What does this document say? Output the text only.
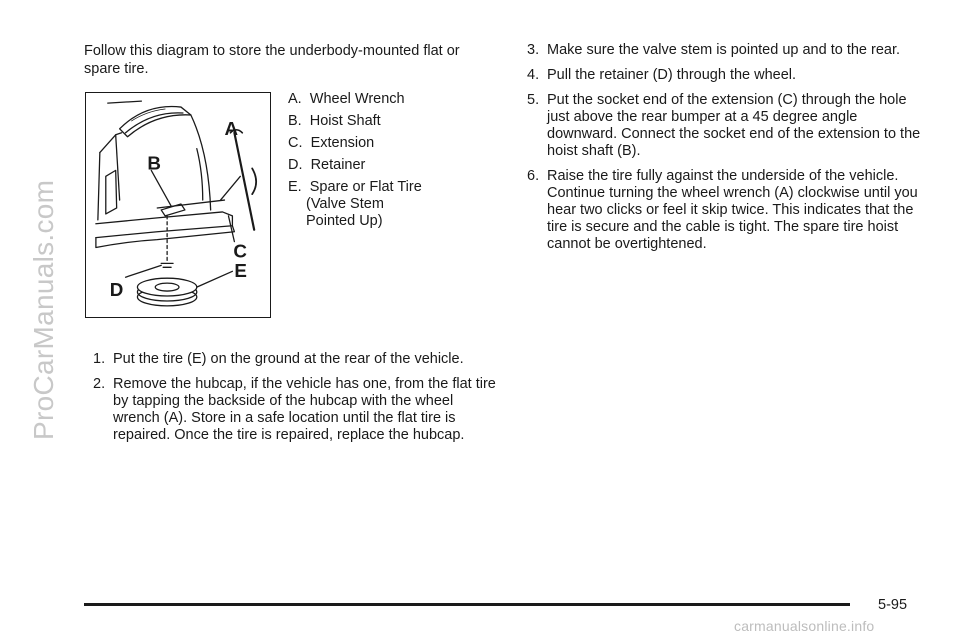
ProCarManuals.com

Follow this diagram to store the underbody-mounted flat or spare tire.

A
B
C
D
E
A. Wheel Wrench
B. Hoist Shaft
C. Extension
D. Retainer
E. Spare or Flat Tire
(Valve Stem
Pointed Up)
1. Put the tire (E) on the ground at the rear of the vehicle.
2. Remove the hubcap, if the vehicle has one, from the flat tire by tapping the backside of the hubcap with the wheel wrench (A). Store in a safe location until the flat tire is repaired. Once the tire is repaired, replace the hubcap.
3. Make sure the valve stem is pointed up and to the rear.
4. Pull the retainer (D) through the wheel.
5. Put the socket end of the extension (C) through the hole just above the rear bumper at a 45 degree angle downward. Connect the socket end of the extension to the hoist shaft (B).
6. Raise the tire fully against the underside of the vehicle. Continue turning the wheel wrench (A) clockwise until you hear two clicks or feel it skip twice. This indicates that the tire is secure and the cable is tight. The spare tire hoist cannot be overtightened.
5-95
carmanualsonline.info
